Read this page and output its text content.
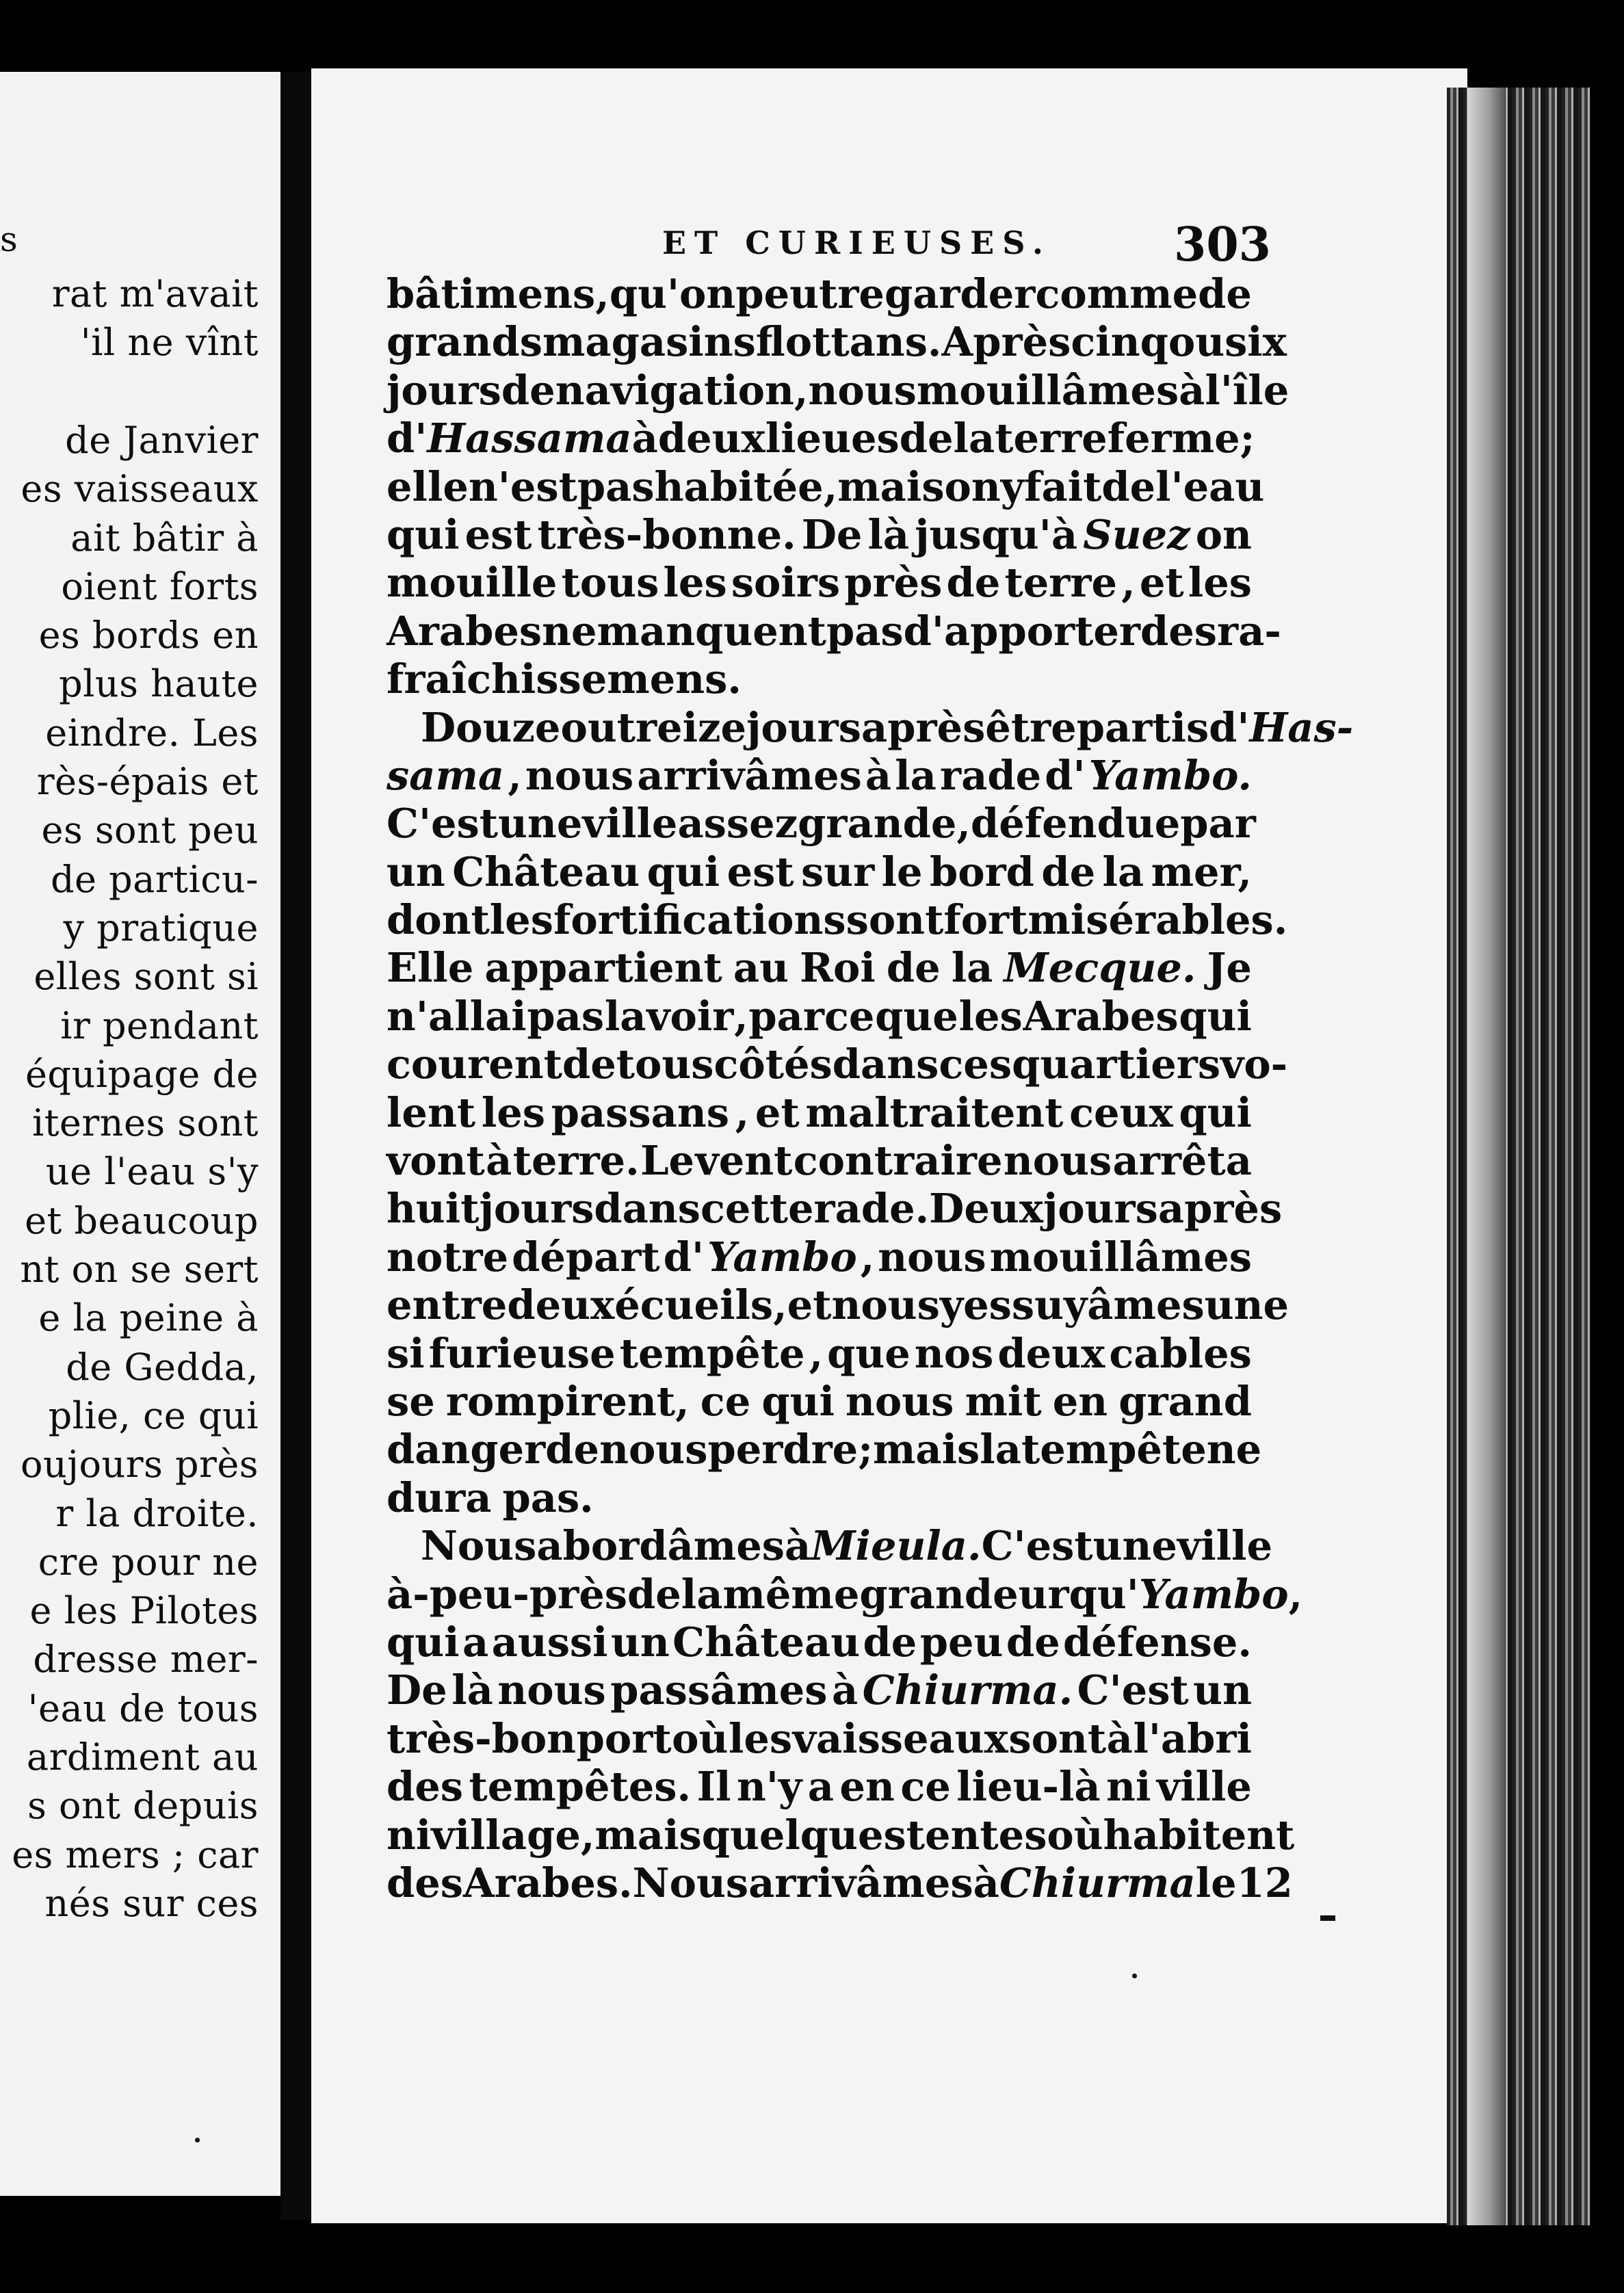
s
rat m'avait
'il ne vînt
de Janvier
es vaisseaux
ait bâtir à
oient forts
es bords en
plus haute
eindre. Les
rès-épais et
es sont peu
de particu-
y pratique
elles sont si
ir pendant
équipage de
iternes sont
ue l'eau s'y
et beaucoup
nt on se sert
e la peine à
de Gedda,
plie, ce qui
oujours près
r la droite.
cre pour ne
e les Pilotes
dresse mer-
'eau de tous
ardiment au
s ont depuis
es mers ; car
nés sur ces
ET CURIEUSES.	303
bâtimens , qu'on peut regarder comme de
grands magasins flottans. Après cinq ou six
jours de navigation, nous mouillâmes à l'île
d' Hassama à deux lieues de la terre ferme ;
elle n'est pas habitée, mais on y fait de l'eau
qui est très-bonne. De là jusqu'à Suez on
mouille tous les soirs près de terre , et les
Arabes ne manquent pas d'apporter des ra-
fraîchissemens.
Douze ou treize jours après être partis d' Has-
sama , nous arrivâmes à la rade d' Yambo.
C'est une ville assez grande , défendue par
un Château qui est sur le bord de la mer,
dont les fortifications sont fort misérables.
Elle appartient au Roi de la Mecque. Je
n'allai pas la voir , parce que les Arabes qui
courent de tous côtés dans ces quartiers vo-
lent les passans , et maltraitent ceux qui
vont à terre. Le vent contraire nous arrêta
huit jours dans cette rade. Deux jours après
notre départ d' Yambo , nous mouillâmes
entre deux écueils, et nous y essuyâmes une
si furieuse tempête , que nos deux cables
se rompirent, ce qui nous mit en grand
danger de nous perdre ; mais la tempête ne
dura pas.
Nous abordâmes à Mieula. C'est une ville
à-peu-près de la même grandeur qu' Yambo ,
qui a aussi un Château de peu de défense.
De là nous passâmes à Chiurma. C'est un
très-bon port où les vaisseaux sont à l'abri
des tempêtes. Il n'y a en ce lieu-là ni ville
ni village , mais quelques tentes où habitent
des Arabes. Nous arrivâmes à Chiurma le 12
